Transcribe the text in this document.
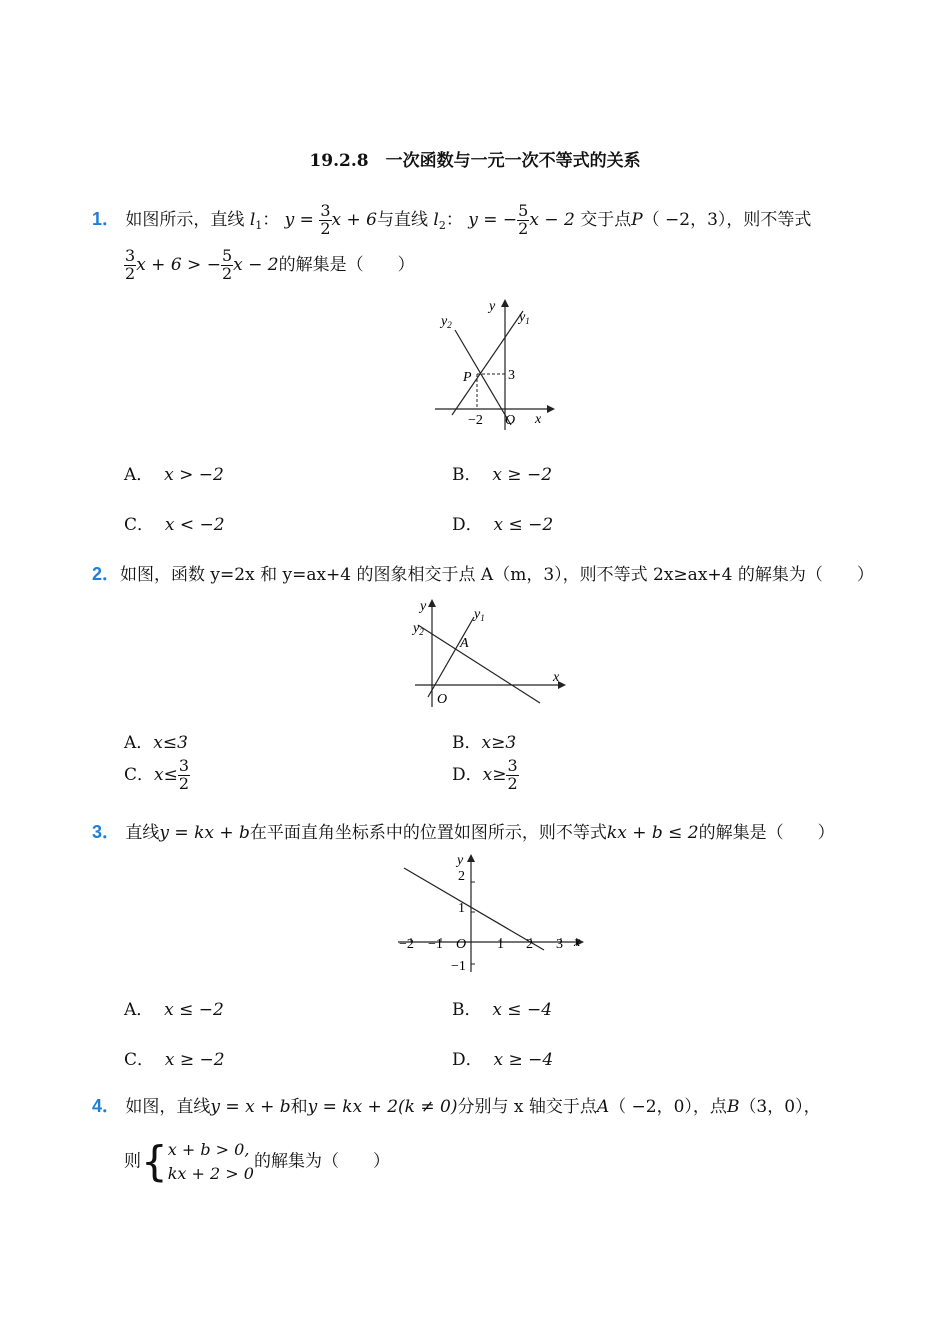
19.2.8　一次函数与一元一次不等式的关系
1． 如图所示，直线 $l_1$： $y = \frac{3}{2}$ x + 6与直线 $l_2$： y = − $\frac{5}{2}$ x − 2 交于点P（ −2，3），则不等式
$\frac{3}{2}$ x + 6 > − $\frac{5}{2}$ x − 2的解集是（　　）
$y_2$	$y_1$
y
x
P	3
−2 O
A． x > −2	B． x ≥ −2
C． x < −2	D． x ≤ −2
2．如图，函数 y=2x 和 y=ax+4 的图象相交于点 A（m，3），则不等式 2x≥ax+4 的解集为（　　）
y
$y_1$
$y_2$
A
x
O
A．x≤3	B．x≥3
C．$x\le \frac{3}{2}$	D．$x\ge \frac{3}{2}$
3． 直线y = kx + b在平面直角坐标系中的位置如图所示，则不等式kx + b ≤ 2的解集是（　　）
y
x
2
1
−1
−2 −1 O 1 2 3
A． x ≤ −2	B． x ≤ −4
C． x ≥ −2	D． x ≥ −4
4． 如图，直线y = x + b和y = kx + 2(k ≠ 0)分别与 x 轴交于点A（ −2，0），点B（3，0），
则{ x + b > 0,
kx + 2 > 0
的解集为（　　）
